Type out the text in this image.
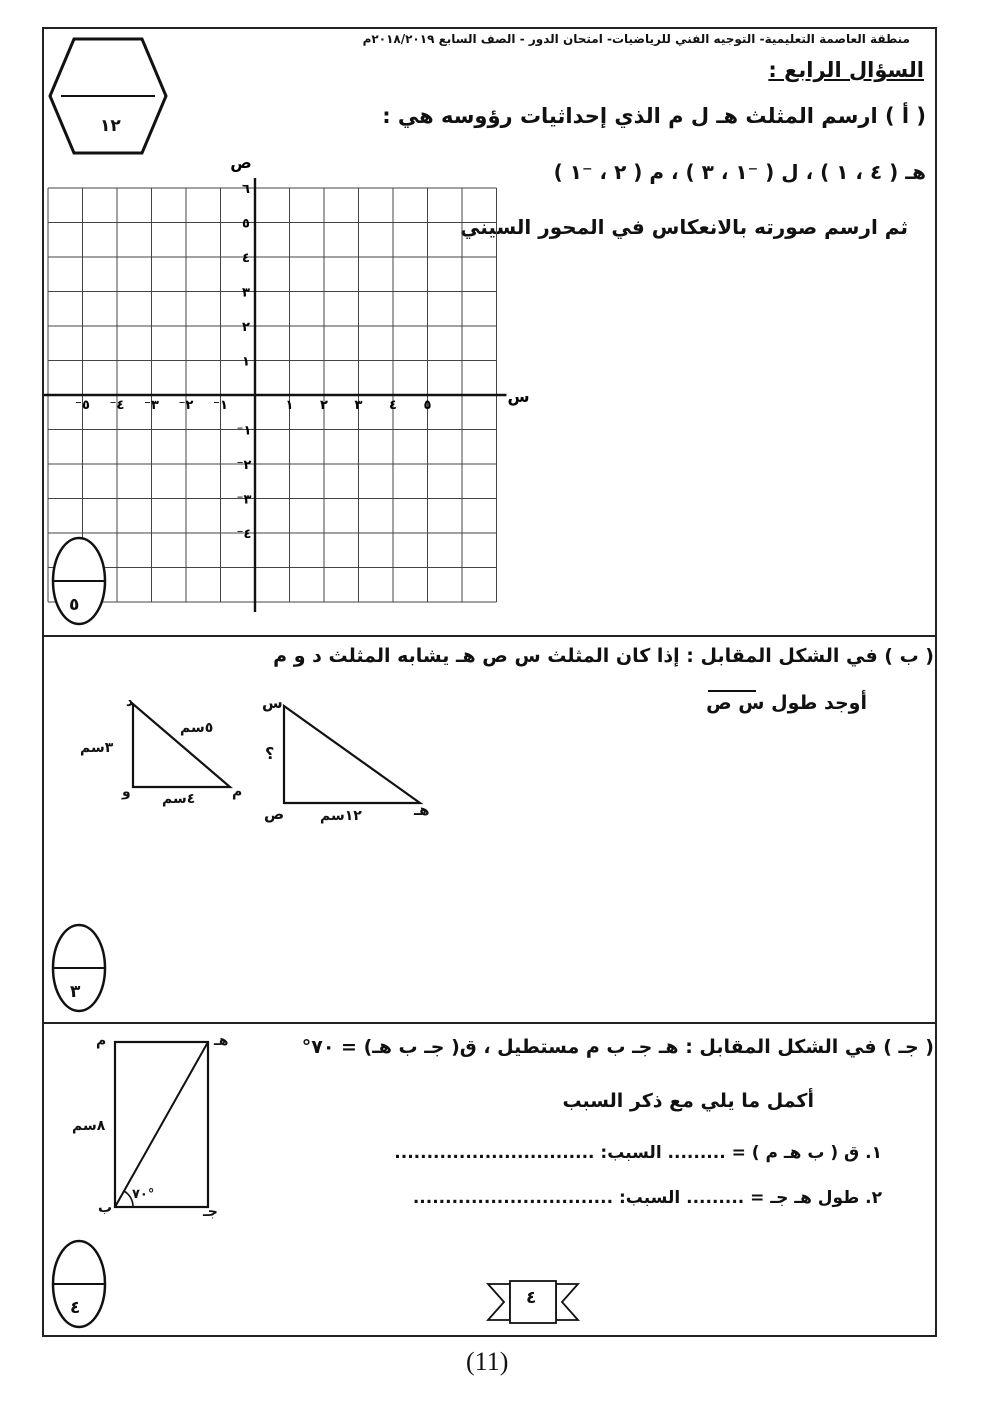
منطقة العاصمة التعليمية- التوجيه الفني للرياضيات- امتحان الدور - الصف السابع ٢٠١٨/٢٠١٩م
السؤال الرابع :
١٢	( أ ) ارسم المثلث هـ ل م الذي إحداثيات رؤوسه هي :
هـ ( ٤ ، ١ ) ، ل ( ⁻١ ، ٣ ) ، م ( ٢ ، ⁻١ )
ثم ارسم صورته بالانعكاس في المحور السيني
س
ص
١ ٢ ٣ ٤ ٥
⁻١
⁻٢
⁻٣
⁻٤
⁻٥
١
٢
٣
٤
٥
٦
⁻١
⁻٢
⁻٣
⁻٤
٥
( ب ) في الشكل المقابل : إذا كان المثلث س ص هـ يشابه المثلث د و م
أوجد طول س ص
د
و	م
٣سم
٥سم
٤سم
س
ص	هـ
؟
١٢سم
٣
( جـ ) في الشكل المقابل : هـ جـ ب م مستطيل ، ق( جـ ب هـ) = ٧٠°
أكمل ما يلي مع ذكر السبب
١. ق ( ب هـ م ) = ......... السبب: ...............................
٢. طول هـ جـ = ......... السبب: ...............................
م	هـ
ب	جـ
٨سم
٧٠°
٤	٤
(11)
